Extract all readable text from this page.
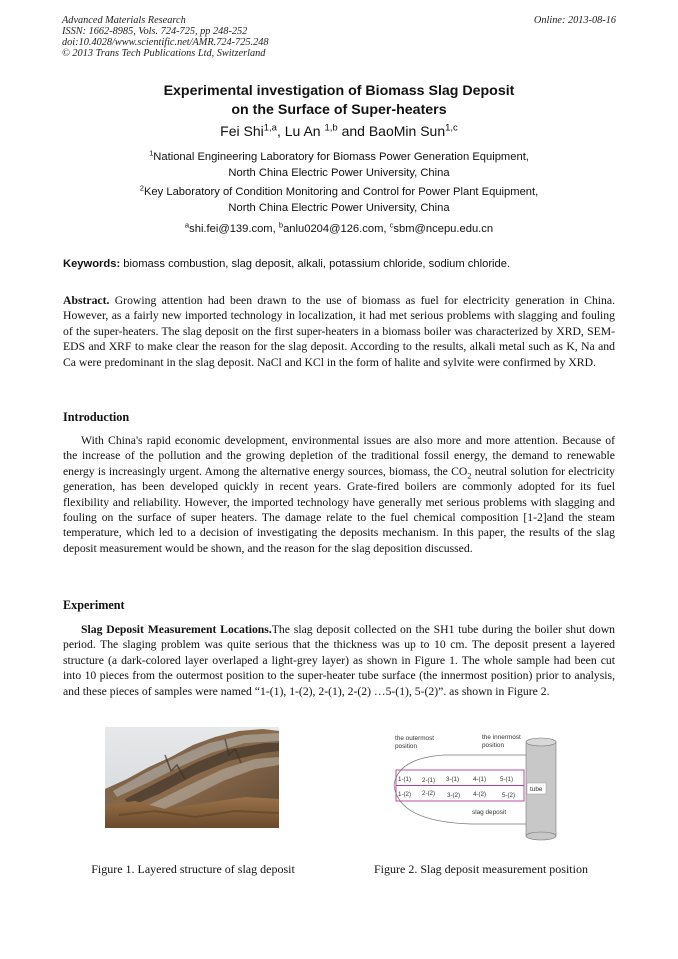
Advanced Materials Research
ISSN: 1662-8985, Vols. 724-725, pp 248-252
doi:10.4028/www.scientific.net/AMR.724-725.248
© 2013 Trans Tech Publications Ltd, Switzerland
Online: 2013-08-16
Experimental investigation of Biomass Slag Deposit
on the Surface of Super-heaters
Fei Shi$^{1,a}$, Lu An $^{1,b}$ and BaoMin Sun$^{1,c}$
$^1$National Engineering Laboratory for Biomass Power Generation Equipment,
North China Electric Power University, China
$^2$Key Laboratory of Condition Monitoring and Control for Power Plant Equipment,
North China Electric Power University, China
$^a$shi.fei@139.com, $^b$anlu0204@126.com, $^c$sbm@ncepu.edu.cn
Keywords: biomass combustion, slag deposit, alkali, potassium chloride, sodium chloride.
Abstract. Growing attention had been drawn to the use of biomass as fuel for electricity generation in China. However, as a fairly new imported technology in localization, it had met serious problems with slagging and fouling of the super-heaters. The slag deposit on the first super-heaters in a biomass boiler was characterized by XRD, SEM-EDS and XRF to make clear the reason for the slag deposit. According to the results, alkali metal such as K, Na and Ca were predominant in the slag deposit. NaCl and KCl in the form of halite and sylvite were confirmed by XRD.
Introduction
With China's rapid economic development, environmental issues are also more and more attention. Because of the increase of the pollution and the growing depletion of the traditional fossil energy, the demand to renewable energy is increasingly urgent. Among the alternative energy sources, biomass, the $CO_2$ neutral solution for electricity generation, has been developed quickly in recent years. Grate-fired boilers are commonly adopted for its fuel flexibility and reliability. However, the imported technology have generally met serious problems with slagging and fouling on the surface of super heaters. The damage relate to the fuel chemical composition [1-2]and the steam temperature, which led to a decision of investigating the deposits mechanism. In this paper, the results of the slag deposit measurement would be shown, and the reason for the slag deposition discussed.
Experiment
Slag Deposit Measurement Locations.The slag deposit collected on the SH1 tube during the boiler shut down period. The slaging problem was quite serious that the thickness was up to 10 cm. The deposit present a layered structure (a dark-colored layer overlaped a light-grey layer) as shown in Figure 1. The whole sample had been cut into 10 pieces from the outermost position to the super-heater tube surface (the innermost position) prior to analysis, and these pieces of samples were named “1-(1), 1-(2), 2-(1), 2-(2) …5-(1), 5-(2)”. as shown in Figure 2.
the outermost
position
the innermost
position
tube
1-(1) 2-(1) 3-(1) 4-(1) 5-(1)
1-(2) 2-(2) 3-(2) 4-(2)	5-(2)
slag deposit
Figure 1. Layered structure of slag deposit	Figure 2. Slag deposit measurement position
